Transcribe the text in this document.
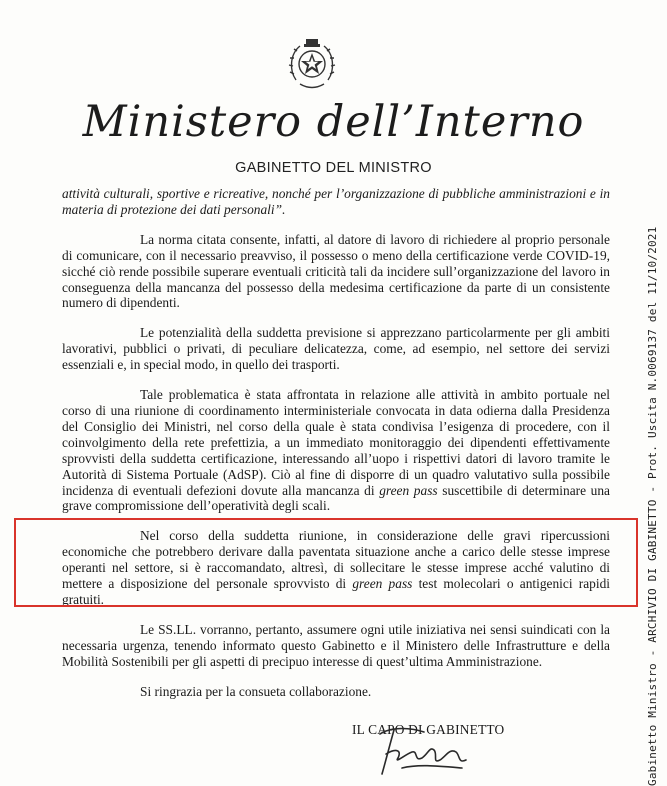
Ministero dell’Interno
GABINETTO DEL MINISTRO

attività culturali, sportive e ricreative, nonché per l’organizzazione di pubbliche amministrazioni e in materia di protezione dei dati personali”.

La norma citata consente, infatti, al datore di lavoro di richiedere al proprio personale di comunicare, con il necessario preavviso, il possesso o meno della certificazione verde COVID-19, sicché ciò rende possibile superare eventuali criticità tali da incidere sull’organizzazione del lavoro in conseguenza della mancanza del possesso della medesima certificazione da parte di un consistente numero di dipendenti.

Le potenzialità della suddetta previsione si apprezzano particolarmente per gli ambiti lavorativi, pubblici o privati, di peculiare delicatezza, come, ad esempio, nel settore dei servizi essenziali e, in special modo, in quello dei trasporti.

Tale problematica è stata affrontata in relazione alle attività in ambito portuale nel corso di una riunione di coordinamento interministeriale convocata in data odierna dalla Presidenza del Consiglio dei Ministri, nel corso della quale è stata condivisa l’esigenza di procedere, con il coinvolgimento della rete prefettizia, a un immediato monitoraggio dei dipendenti effettivamente sprovvisti della suddetta certificazione, interessando all’uopo i rispettivi datori di lavoro tramite le Autorità di Sistema Portuale (AdSP). Ciò al fine di disporre di un quadro valutativo sulla possibile incidenza di eventuali defezioni dovute alla mancanza di green pass suscettibile di determinare una grave compromissione dell’operatività degli scali.

Nel corso della suddetta riunione, in considerazione delle gravi ripercussioni economiche che potrebbero derivare dalla paventata situazione anche a carico delle stesse imprese operanti nel settore, si è raccomandato, altresì, di sollecitare le stesse imprese acché valutino di mettere a disposizione del personale sprovvisto di green pass test molecolari o antigenici rapidi gratuiti.

Le SS.LL. vorranno, pertanto, assumere ogni utile iniziativa nei sensi suindicati con la necessaria urgenza, tenendo informato questo Gabinetto e il Ministero delle Infrastrutture e della Mobilità Sostenibili per gli aspetti di precipuo interesse di quest’ultima Amministrazione.

Si ringrazia per la consueta collaborazione.

IL CAPO DI GABINETTO	Gabinetto Ministro - ARCHIVIO DI GABINETTO - Prot. Uscita N.0069137 del 11/10/2021
